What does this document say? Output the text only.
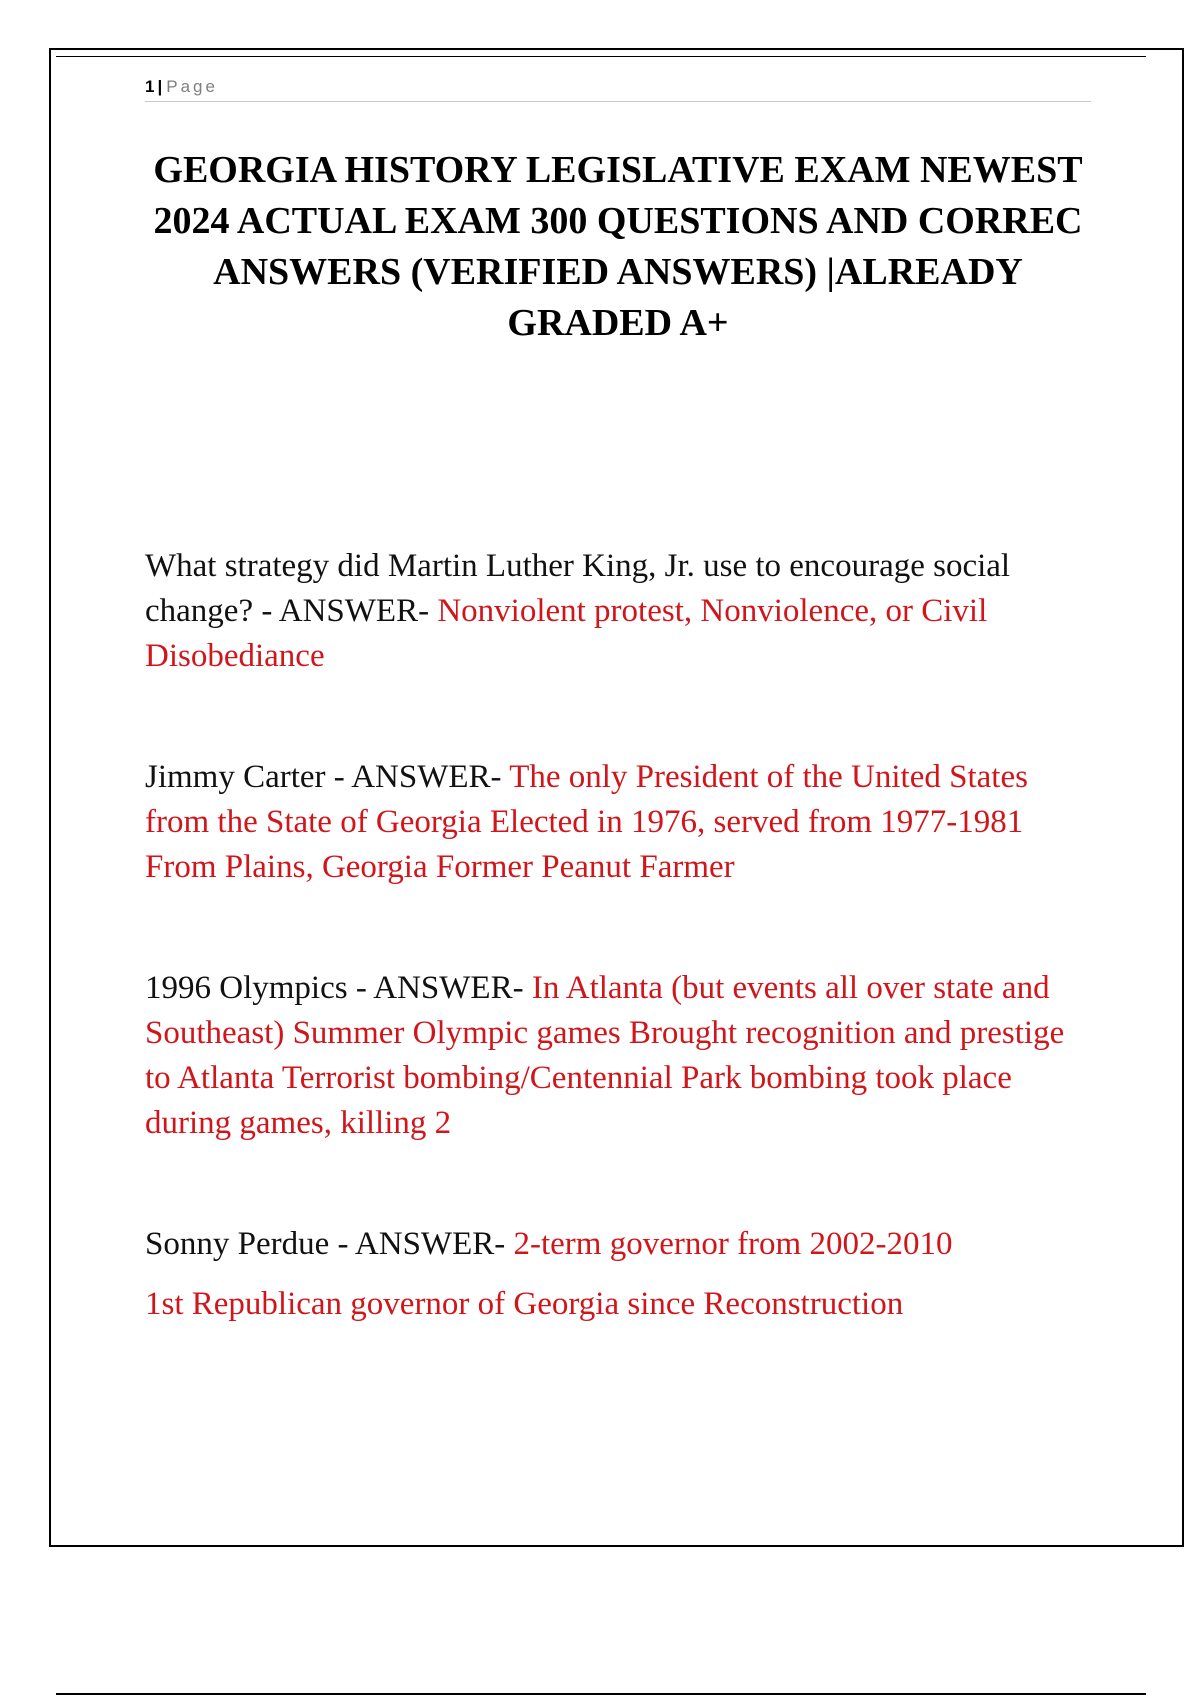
1 | Page
GEORGIA HISTORY LEGISLATIVE EXAM NEWEST 2024 ACTUAL EXAM 300 QUESTIONS AND CORREC ANSWERS (VERIFIED ANSWERS) |ALREADY GRADED A+

What strategy did Martin Luther King, Jr. use to encourage social change? - ANSWER- Nonviolent protest, Nonviolence, or Civil Disobediance

Jimmy Carter - ANSWER- The only President of the United States from the State of Georgia Elected in 1976, served from 1977-1981 From Plains, Georgia Former Peanut Farmer

1996 Olympics - ANSWER- In Atlanta (but events all over state and Southeast) Summer Olympic games Brought recognition and prestige to Atlanta Terrorist bombing/Centennial Park bombing took place during games, killing 2

Sonny Perdue - ANSWER- 2-term governor from 2002-2010
1st Republican governor of Georgia since Reconstruction
